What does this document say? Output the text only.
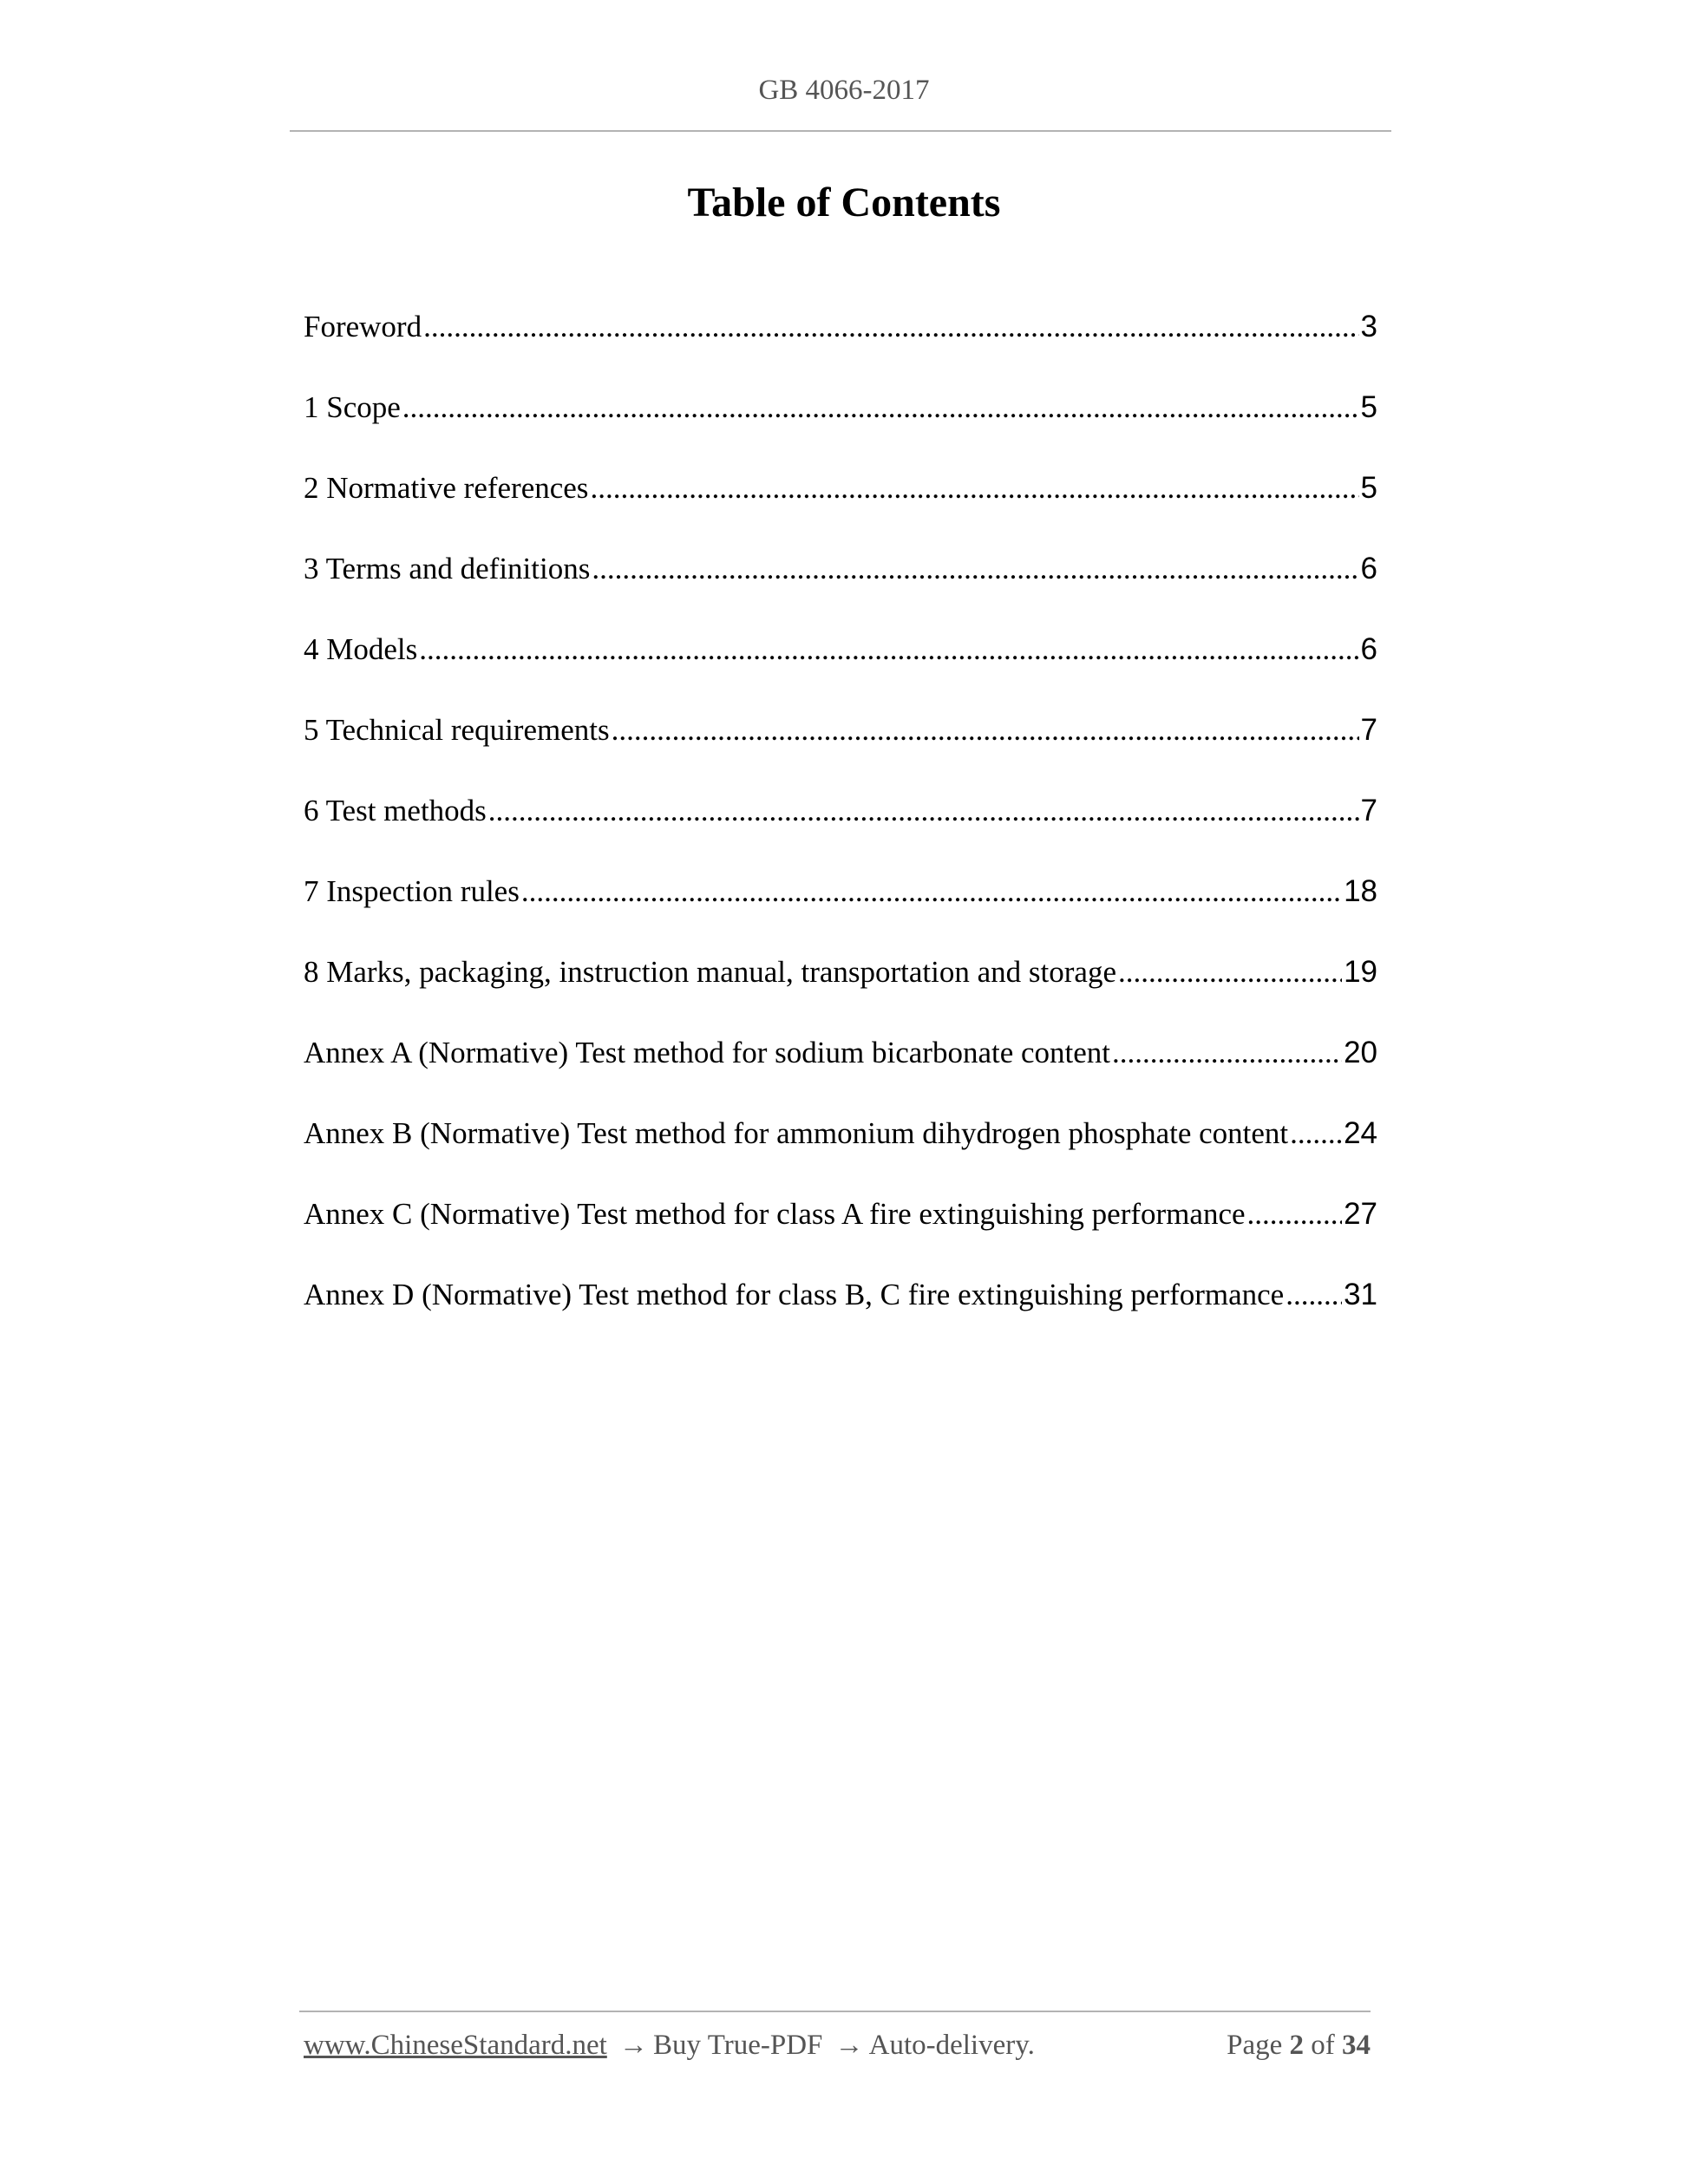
GB 4066-2017
Table of Contents
Foreword .....	3
1 Scope .....	5
2 Normative references .....	5
3 Terms and definitions .....	6
4 Models .....	6
5 Technical requirements .....	7
6 Test methods .....	7
7 Inspection rules .....	18
8 Marks, packaging, instruction manual, transportation and storage .....	19
Annex A (Normative) Test method for sodium bicarbonate content .....	20
Annex B (Normative) Test method for ammonium dihydrogen phosphate content ..... 24
Annex C (Normative) Test method for class A fire extinguishing performance .....	27
Annex D (Normative) Test method for class B, C fire extinguishing performance ..... 31
www.ChineseStandard.net → Buy True-PDF → Auto-delivery.	Page 2 of 34
